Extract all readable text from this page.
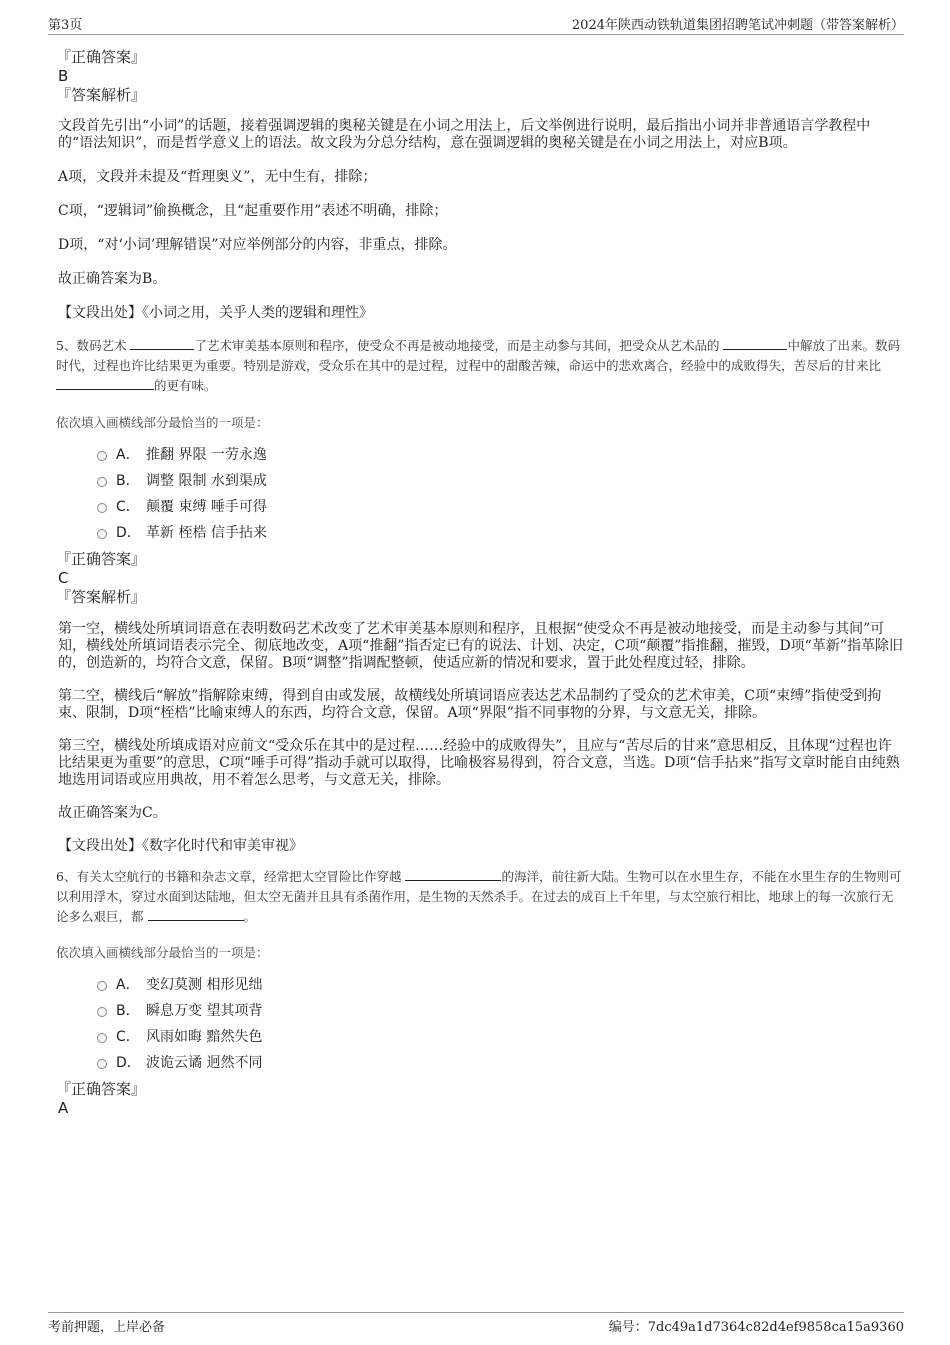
第3页	2024年陕西动铁轨道集团招聘笔试冲刺题（带答案解析）

『正确答案』

B

『答案解析』

文段首先引出“小词”的话题，接着强调逻辑的奥秘关键是在小词之用法上，后文举例进行说明，最后指出小词并非普通语言学教程中的“语法知识”，而是哲学意义上的语法。故文段为分总分结构，意在强调逻辑的奥秘关键是在小词之用法上，对应B项。

A项，文段并未提及“哲理奥义”，无中生有，排除；

C项，“逻辑词”偷换概念，且“起重要作用”表述不明确，排除；

D项，“对‘小词’理解错误”对应举例部分的内容，非重点，排除。

故正确答案为B。

【文段出处】《小词之用，关乎人类的逻辑和理性》

5、数码艺术	了艺术审美基本原则和程序，使受众不再是被动地接受，而是主动参与其间，把受众从艺术品的	中解放了出来。数码时代，过程也许比结果更为重要。特别是游戏，受众乐在其中的是过程，过程中的甜酸苦辣，命运中的悲欢离合，经验中的成败得失，苦尽后的甘来比 的更有味。

依次填入画横线部分最恰当的一项是：

A． 推翻 界限 一劳永逸
B． 调整 限制 水到渠成
C． 颠覆 束缚 唾手可得
D． 革新 桎梏 信手拈来

『正确答案』

C

『答案解析』

第一空，横线处所填词语意在表明数码艺术改变了艺术审美基本原则和程序，且根据“使受众不再是被动地接受，而是主动参与其间”可知，横线处所填词语表示完全、彻底地改变，A项“推翻”指否定已有的说法、计划、决定，C项“颠覆”指推翻，摧毁，D项“革新”指革除旧的，创造新的，均符合文意，保留。B项“调整”指调配整顿，使适应新的情况和要求，置于此处程度过轻，排除。

第二空，横线后“解放”指解除束缚，得到自由或发展，故横线处所填词语应表达艺术品制约了受众的艺术审美，C项“束缚”指使受到拘束、限制，D项“桎梏”比喻束缚人的东西，均符合文意，保留。A项“界限”指不同事物的分界，与文意无关，排除。

第三空，横线处所填成语对应前文“受众乐在其中的是过程……经验中的成败得失”，且应与“苦尽后的甘来”意思相反，且体现“过程也许比结果更为重要”的意思，C项“唾手可得”指动手就可以取得，比喻极容易得到，符合文意，当选。D项“信手拈来”指写文章时能自由纯熟地选用词语或应用典故，用不着怎么思考，与文意无关，排除。

故正确答案为C。

【文段出处】《数字化时代和审美审视》

6、有关太空航行的书籍和杂志文章，经常把太空冒险比作穿越	的海洋，前往新大陆。生物可以在水里生存，不能在水里生存的生物则可以利用浮木，穿过水面到达陆地，但太空无菌并且具有杀菌作用，是生物的天然杀手。在过去的成百上千年里，与太空旅行相比，地球上的每一次旅行无论多么艰巨，都	。

依次填入画横线部分最恰当的一项是：

A． 变幻莫测 相形见绌
B． 瞬息万变 望其项背
C． 风雨如晦 黯然失色
D． 波诡云谲 迥然不同

『正确答案』

A

考前押题，上岸必备	编号：7dc49a1d7364c82d4ef9858ca15a9360
